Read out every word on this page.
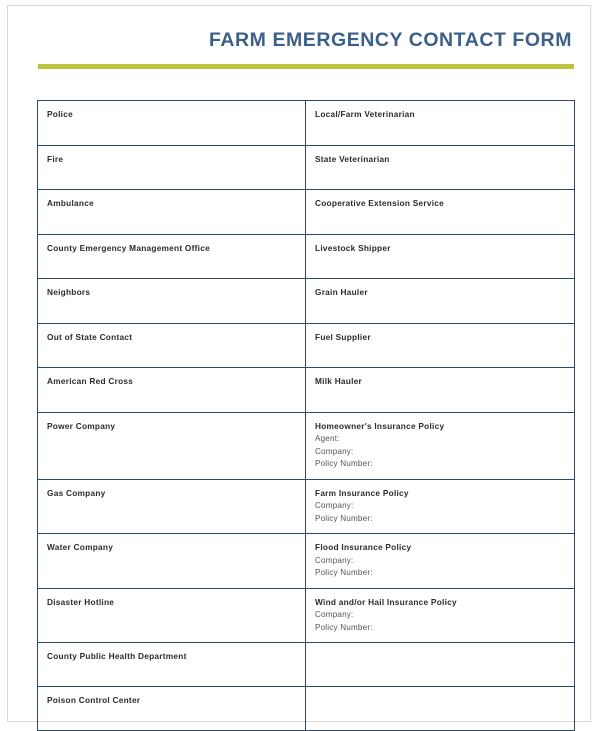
FARM EMERGENCY CONTACT FORM
Police	Local/Farm Veterinarian

Fire	State Veterinarian

Ambulance	Cooperative Extension Service

County Emergency Management Office	Livestock Shipper

Neighbors	Grain Hauler

Out of State Contact	Fuel Supplier

American Red Cross	Milk Hauler

Power Company	Homeowner's Insurance Policy
Agent:
Company:
Policy Number:

Gas Company	Farm Insurance Policy
Company:
Policy Number:

Water Company	Flood Insurance Policy
Company:
Policy Number:

Disaster Hotline	Wind and/or Hail Insurance Policy
Company:
Policy Number:

County Public Health Department	

Poison Control Center	
